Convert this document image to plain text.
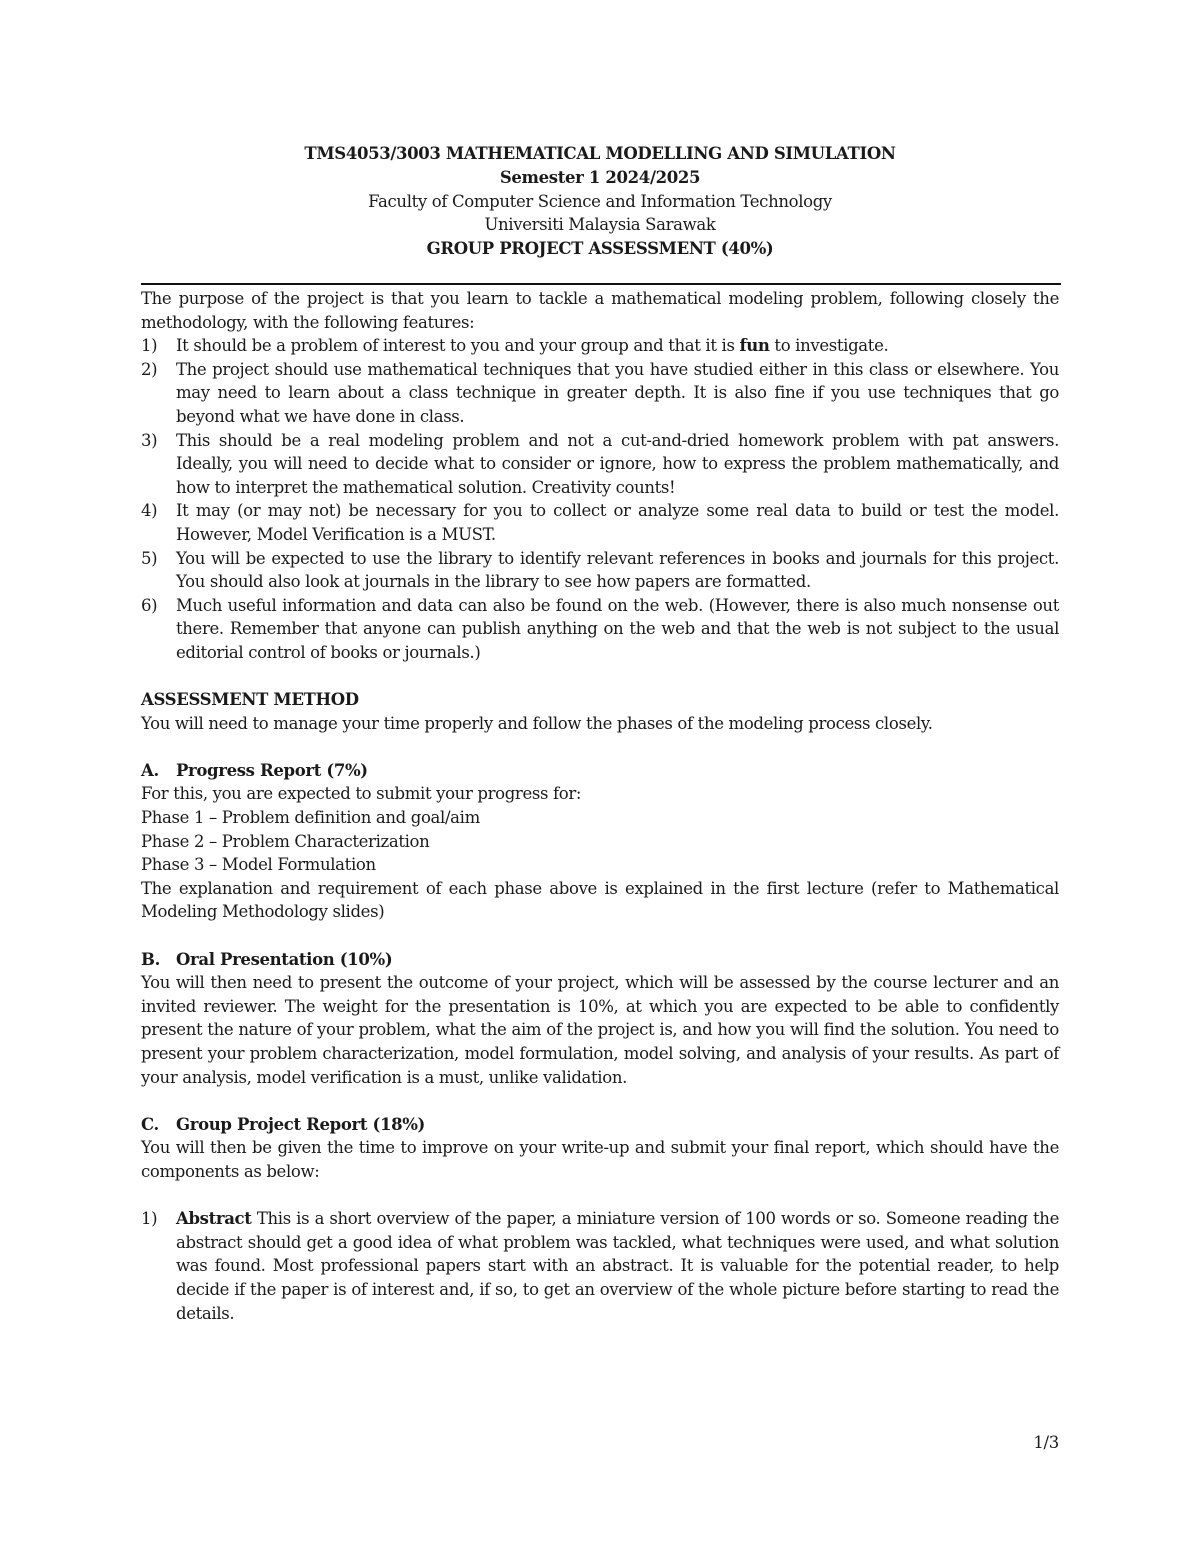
TMS4053/3003 MATHEMATICAL MODELLING AND SIMULATION
Semester 1 2024/2025
Faculty of Computer Science and Information Technology
Universiti Malaysia Sarawak
GROUP PROJECT ASSESSMENT (40%)

The purpose of the project is that you learn to tackle a mathematical modeling problem, following closely the methodology, with the following features:

1)	It should be a problem of interest to you and your group and that it is fun to investigate.
2)	The project should use mathematical techniques that you have studied either in this class or elsewhere. You may need to learn about a class technique in greater depth. It is also fine if you use techniques that go beyond what we have done in class.
3)	This should be a real modeling problem and not a cut-and-dried homework problem with pat answers. Ideally, you will need to decide what to consider or ignore, how to express the problem mathematically, and how to interpret the mathematical solution. Creativity counts!
4)	It may (or may not) be necessary for you to collect or analyze some real data to build or test the model. However, Model Verification is a MUST.
5)	You will be expected to use the library to identify relevant references in books and journals for this project. You should also look at journals in the library to see how papers are formatted.
6)	Much useful information and data can also be found on the web. (However, there is also much nonsense out there. Remember that anyone can publish anything on the web and that the web is not subject to the usual editorial control of books or journals.)

ASSESSMENT METHOD

You will need to manage your time properly and follow the phases of the modeling process closely.

A.	Progress Report (7%)

For this, you are expected to submit your progress for:

Phase 1 – Problem definition and goal/aim

Phase 2 – Problem Characterization

Phase 3 – Model Formulation

The explanation and requirement of each phase above is explained in the first lecture (refer to Mathematical Modeling Methodology slides)

B. Oral Presentation (10%)

You will then need to present the outcome of your project, which will be assessed by the course lecturer and an invited reviewer. The weight for the presentation is 10%, at which you are expected to be able to confidently present the nature of your problem, what the aim of the project is, and how you will find the solution. You need to present your problem characterization, model formulation, model solving, and analysis of your results. As part of your analysis, model verification is a must, unlike validation.

C.	Group Project Report (18%)

You will then be given the time to improve on your write-up and submit your final report, which should have the components as below:

1)	Abstract This is a short overview of the paper, a miniature version of 100 words or so. Someone reading the abstract should get a good idea of what problem was tackled, what techniques were used, and what solution was found. Most professional papers start with an abstract. It is valuable for the potential reader, to help decide if the paper is of interest and, if so, to get an overview of the whole picture before starting to read the details.
1/3
